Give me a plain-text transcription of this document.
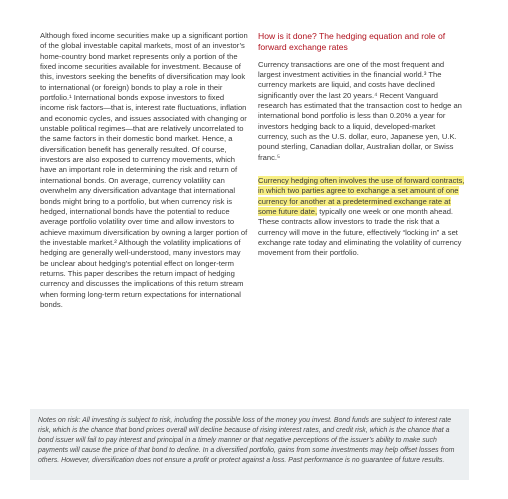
Although fixed income securities make up a significant portion of the global investable capital markets, most of an investor’s home-country bond market represents only a portion of the fixed income securities available for investment. Because of this, investors seeking the benefits of diversification may look to international (or foreign) bonds to play a role in their portfolio.¹ International bonds expose investors to fixed income risk factors—that is, interest rate fluctuations, inflation and economic cycles, and issues associated with changing or unstable political regimes—that are relatively uncorrelated to the same factors in their domestic bond market. Hence, a diversification benefit has generally resulted. Of course, investors are also exposed to currency movements, which have an important role in determining the risk and return of international bonds. On average, currency volatility can overwhelm any diversification advantage that international bonds might bring to a portfolio, but when currency risk is hedged, international bonds have the potential to reduce average portfolio volatility over time and allow investors to achieve maximum diversification by owning a larger portion of the investable market.² Although the volatility implications of hedging are generally well-understood, many investors may be unclear about hedging’s potential effect on longer-term returns. This paper describes the return impact of hedging currency and discusses the implications of this return stream when forming long-term return expectations for international bonds.

How is it done? The hedging equation and role of forward exchange rates

Currency transactions are one of the most frequent and largest investment activities in the financial world.³ The currency markets are liquid, and costs have declined significantly over the last 20 years.⁴ Recent Vanguard research has estimated that the transaction cost to hedge an international bond portfolio is less than 0.20% a year for investors hedging back to a liquid, developed-market currency, such as the U.S. dollar, euro, Japanese yen, U.K. pound sterling, Canadian dollar, Australian dollar, or Swiss franc.⁵

Currency hedging often involves the use of forward contracts, in which two parties agree to exchange a set amount of one currency for another at a predetermined exchange rate at some future date, typically one week or one month ahead. These contracts allow investors to trade the risk that a currency will move in the future, effectively “locking in” a set exchange rate today and eliminating the volatility of currency movement from their portfolio.

Notes on risk: All investing is subject to risk, including the possible loss of the money you invest. Bond funds are subject to interest rate risk, which is the chance that bond prices overall will decline because of rising interest rates, and credit risk, which is the chance that a bond issuer will fail to pay interest and principal in a timely manner or that negative perceptions of the issuer’s ability to make such payments will cause the price of that bond to decline. In a diversified portfolio, gains from some investments may help offset losses from others. However, diversification does not ensure a profit or protect against a loss. Past performance is no guarantee of future results.
